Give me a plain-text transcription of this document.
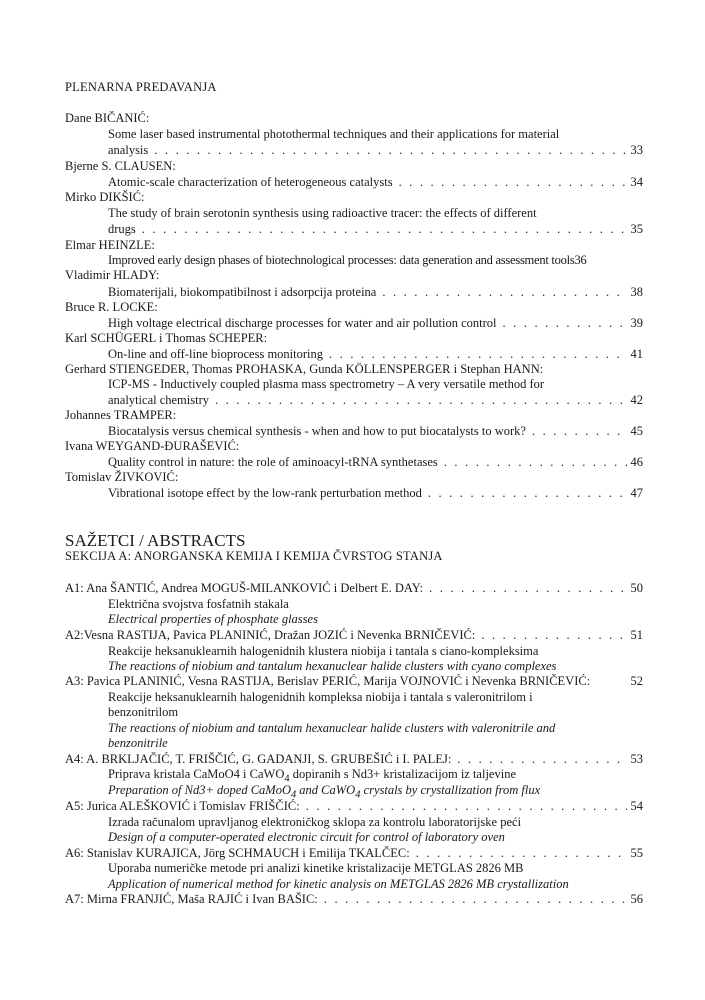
PLENARNA PREDAVANJA
Dane BIČANIĆ:
Some laser based instrumental photothermal techniques and their applications for material
analysis . . .	33
Bjerne S. CLAUSEN:
Atomic-scale characterization of heterogeneous catalysts . . .	34
Mirko DIKŠIĆ:
The study of brain serotonin synthesis using radioactive tracer: the effects of different
drugs . . .	35
Elmar HEINZLE:
Improved early design phases of biotechnological processes: data generation and assessment tools 36
Vladimir HLADY:
Biomaterijali, biokompatibilnost i adsorpcija proteina . . .	38
Bruce R. LOCKE:
High voltage electrical discharge processes for water and air pollution control . . .	39
Karl SCHÜGERL i Thomas SCHEPER:
On-line and off-line bioprocess monitoring . . .	41
Gerhard STIENGEDER, Thomas PROHASKA, Gunda KÖLLENSPERGER i Stephan HANN:
ICP-MS - Inductively coupled plasma mass spectrometry – A very versatile method for
analytical chemistry . . .	42
Johannes TRAMPER:
Biocatalysis versus chemical synthesis - when and how to put biocatalysts to work? . . .	45
Ivana WEYGAND-ĐURAŠEVIĆ:
Quality control in nature: the role of aminoacyl-tRNA synthetases . . .	46
Tomislav ŽIVKOVIĆ:
Vibrational isotope effect by the low-rank perturbation method . . .	47
SAŽETCI / ABSTRACTS
SEKCIJA A: ANORGANSKA KEMIJA I KEMIJA ČVRSTOG STANJA
A1: Ana ŠANTIĆ, Andrea MOGUŠ-MILANKOVIĆ i Delbert E. DAY: . . .	50
Električna svojstva fosfatnih stakala
Electrical properties of phosphate glasses
A2:Vesna RASTIJA, Pavica PLANINIĆ, Dražan JOZIĆ i Nevenka BRNIČEVIĆ: . . .	51
Reakcije heksanuklearnih halogenidnih klustera niobija i tantala s ciano-kompleksima
The reactions of niobium and tantalum hexanuclear halide clusters with cyano complexes
A3: Pavica PLANINIĆ, Vesna RASTIJA, Berislav PERIĆ, Marija VOJNOVIĆ i Nevenka BRNIČEVIĆ:	52
Reakcije heksanuklearnih halogenidnih kompleksa niobija i tantala s valeronitrilom i
benzonitrilom
The reactions of niobium and tantalum hexanuclear halide clusters with valeronitrile and
benzonitrile
A4: A. BRKLJAČIĆ, T. FRIŠČIĆ, G. GADANJI, S. GRUBEŠIĆ i I. PALEJ: . . .	53
Priprava kristala CaMoO4 i CaWO$_4$ dopiranih s Nd3+ kristalizacijom iz taljevine
Preparation of Nd3+ doped CaMoO$_4$ and CaWO$_4$ crystals by crystallization from flux
A5: Jurica ALEŠKOVIĆ i Tomislav FRIŠČIĆ: . . .	54
Izrada računalom upravljanog elektroničkog sklopa za kontrolu laboratorijske peći
Design of a computer-operated electronic circuit for control of laboratory oven
A6: Stanislav KURAJICA, Jörg SCHMAUCH i Emilija TKALČEC: . . .	55
Uporaba numeričke metode pri analizi kinetike kristalizacije METGLAS 2826 MB
Application of numerical method for kinetic analysis on METGLAS 2826 MB crystallization
A7: Mirna FRANJIĆ, Maša RAJIĆ i Ivan BAŠIC: . . .	56
